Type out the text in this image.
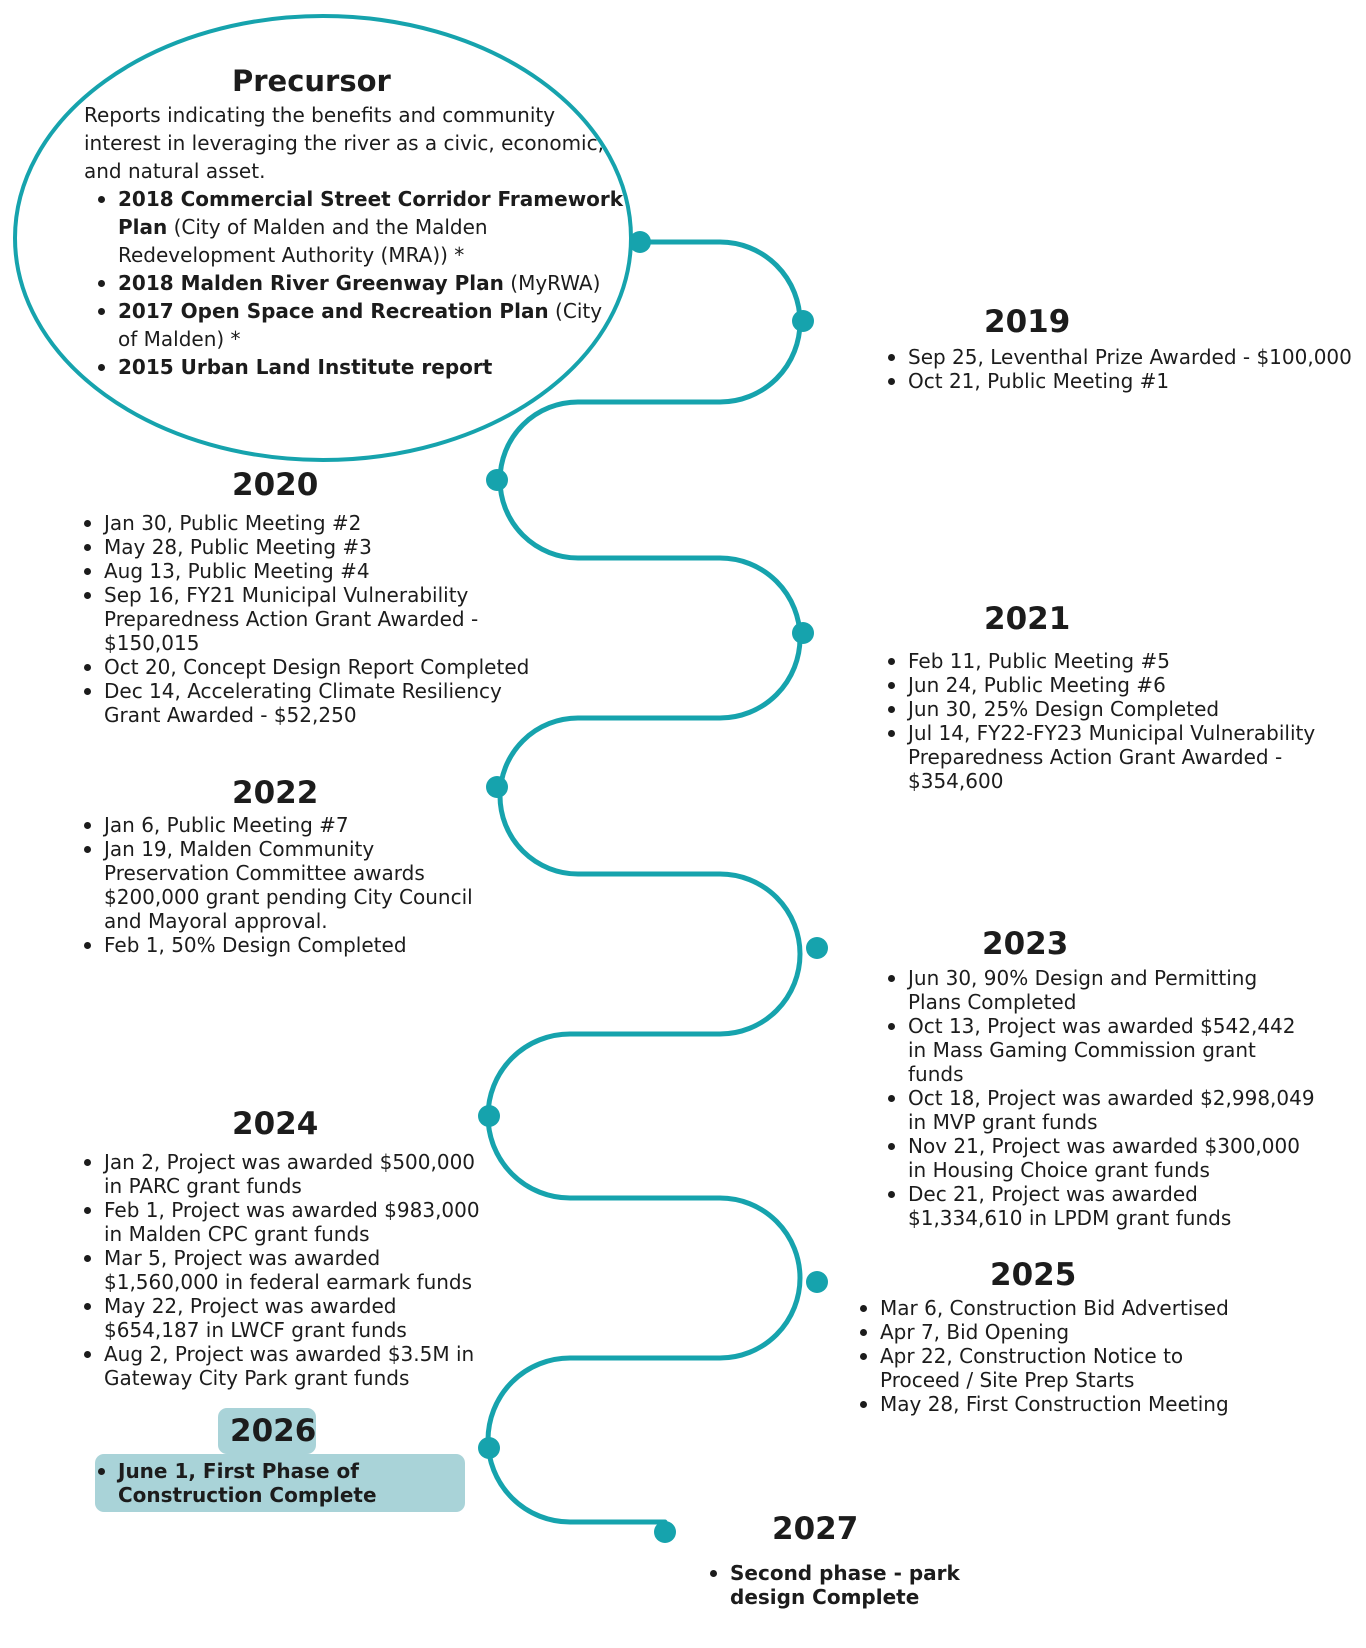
Precursor
Reports indicating the benefits and community interest in leveraging the river as a civic, economic, and natural asset.
2018 Commercial Street Corridor Framework Plan (City of Malden and the Malden Redevelopment Authority (MRA)) *
2018 Malden River Greenway Plan (MyRWA)
2017 Open Space and Recreation Plan (City of Malden) *
2015 Urban Land Institute report
2019
Sep 25, Leventhal Prize Awarded - $100,000
Oct 21, Public Meeting #1
2020
Jan 30, Public Meeting #2
May 28, Public Meeting #3
Aug 13, Public Meeting #4
Sep 16, FY21 Municipal Vulnerability Preparedness Action Grant Awarded - $150,015
Oct 20, Concept Design Report Completed
Dec 14, Accelerating Climate Resiliency Grant Awarded - $52,250
2021
Feb 11, Public Meeting #5
Jun 24, Public Meeting #6
Jun 30, 25% Design Completed
Jul 14, FY22-FY23 Municipal Vulnerability Preparedness Action Grant Awarded - $354,600
2022
Jan 6, Public Meeting #7
Jan 19, Malden Community Preservation Committee awards $200,000 grant pending City Council and Mayoral approval.
Feb 1, 50% Design Completed	2023
Jun 30, 90% Design and Permitting Plans Completed
Oct 13, Project was awarded $542,442 in Mass Gaming Commission grant funds
Oct 18, Project was awarded $2,998,049 in MVP grant funds
Nov 21, Project was awarded $300,000 in Housing Choice grant funds
Dec 21, Project was awarded $1,334,610 in LPDM grant funds
2024
Jan 2, Project was awarded $500,000 in PARC grant funds
Feb 1, Project was awarded $983,000 in Malden CPC grant funds
Mar 5, Project was awarded $1,560,000 in federal earmark funds
May 22, Project was awarded $654,187 in LWCF grant funds
Aug 2, Project was awarded $3.5M in Gateway City Park grant funds
2025
Mar 6, Construction Bid Advertised
Apr 7, Bid Opening
Apr 22, Construction Notice to Proceed / Site Prep Starts
May 28, First Construction Meeting
2026
June 1, First Phase of Construction Complete
2027
Second phase - park design Complete
